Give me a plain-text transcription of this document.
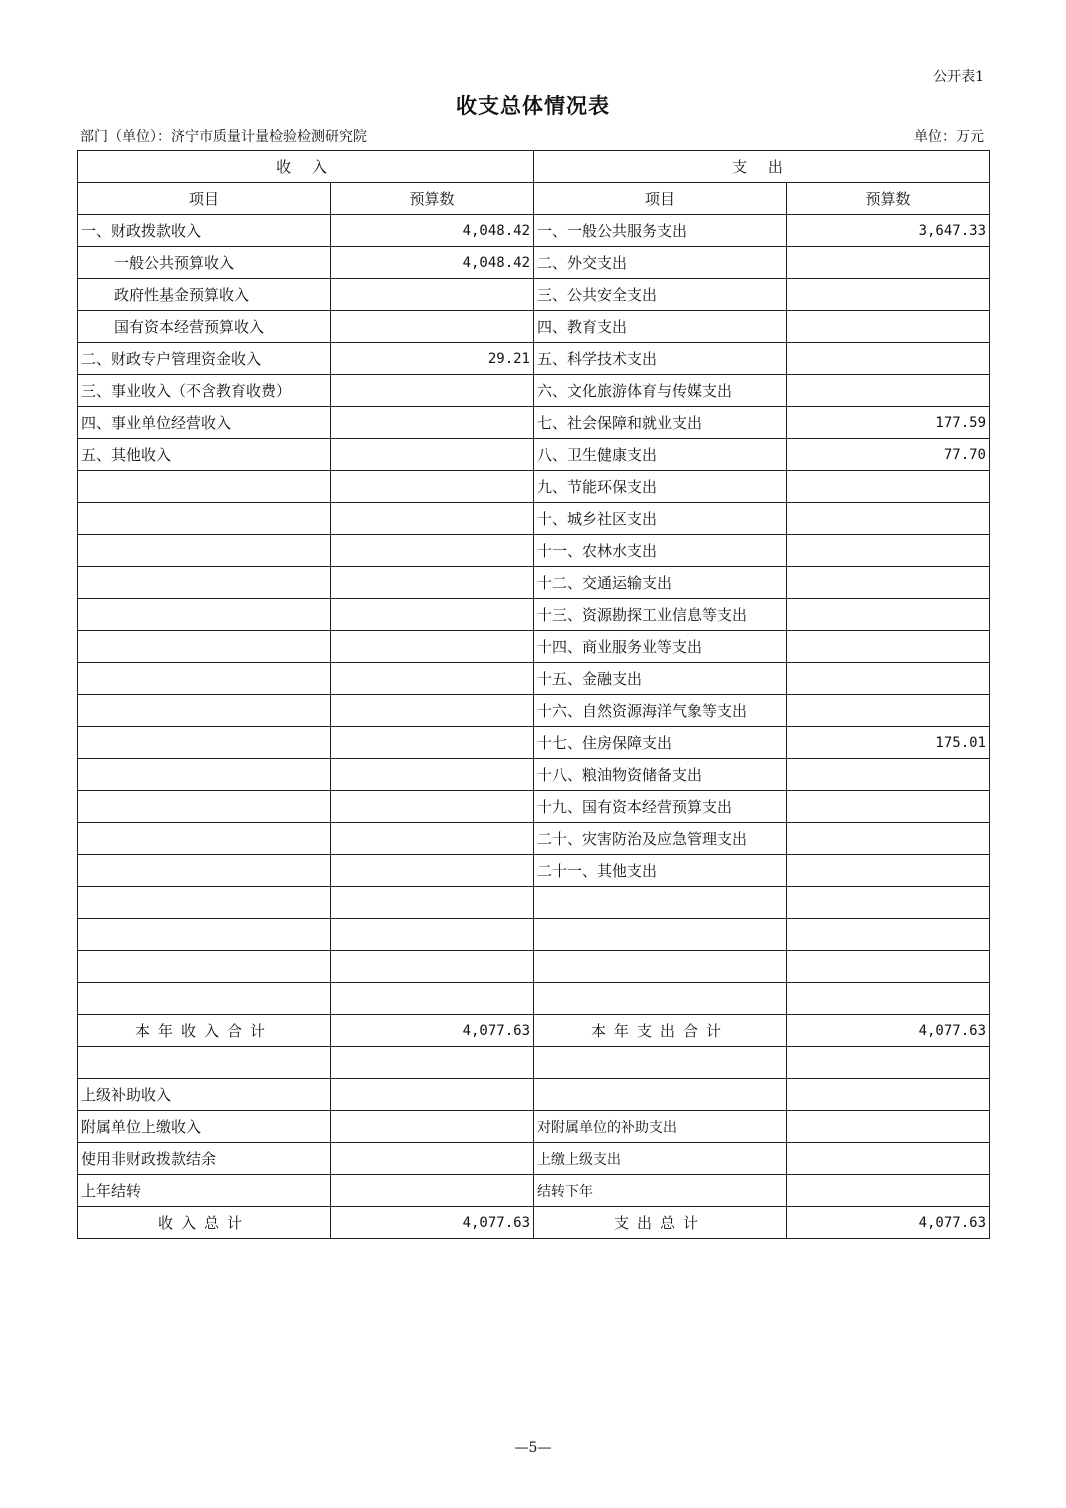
公开表1
收支总体情况表
部门（单位）：济宁市质量计量检验检测研究院	单位：万元
收 入		支 出	
项目	预算数	项目	预算数
一、财政拨款收入	4,048.42	一、一般公共服务支出	3,647.33
一般公共预算收入	4,048.42	二、外交支出	
政府性基金预算收入		三、公共安全支出	
国有资本经营预算收入		四、教育支出	
二、财政专户管理资金收入	29.21	五、科学技术支出	
三、事业收入（不含教育收费）		六、文化旅游体育与传媒支出	
四、事业单位经营收入		七、社会保障和就业支出	177.59
五、其他收入		八、卫生健康支出	77.70
		九、节能环保支出	
		十、城乡社区支出	
		十一、农林水支出	
		十二、交通运输支出	
		十三、资源勘探工业信息等支出	
		十四、商业服务业等支出	
		十五、金融支出	
		十六、自然资源海洋气象等支出	
		十七、住房保障支出	175.01
		十八、粮油物资储备支出	
		十九、国有资本经营预算支出	
		二十、灾害防治及应急管理支出	
		二十一、其他支出	

本年收入合计	4,077.63	本年支出合计	4,077.63

上级补助收入			
附属单位上缴收入		对附属单位的补助支出	
使用非财政拨款结余		上缴上级支出	
上年结转		结转下年	
收入总计	4,077.63	支出总计	4,077.63
—5—
